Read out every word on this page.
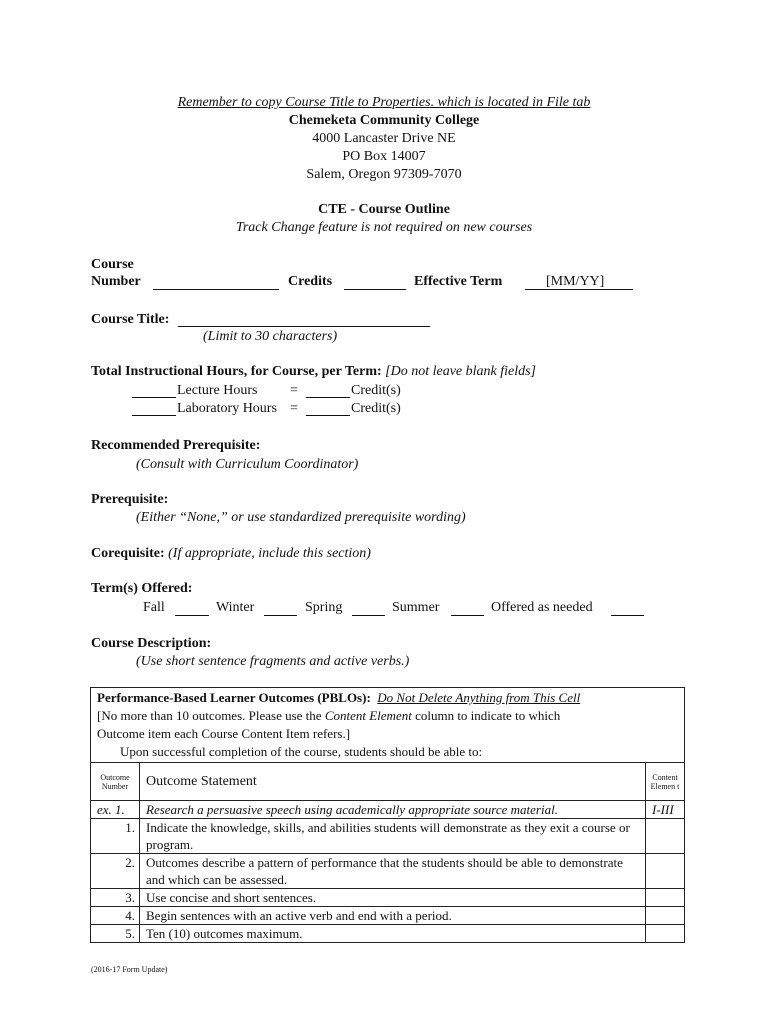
Remember to copy Course Title to Properties. which is located in File tab
Chemeketa Community College
4000 Lancaster Drive NE
PO Box 14007
Salem, Oregon 97309-7070
CTE - Course Outline
Track Change feature is not required on new courses
Course
Number	Credits	Effective Term	[MM/YY]
Course Title:
(Limit to 30 characters)
Total Instructional Hours, for Course, per Term: [Do not leave blank fields]
Lecture Hours =	Credit(s)
Laboratory Hours =	Credit(s)
Recommended Prerequisite:
(Consult with Curriculum Coordinator)
Prerequisite:
(Either “None,” or use standardized prerequisite wording)
Corequisite: (If appropriate, include this section)
Term(s) Offered:
Fall	Winter	Spring	Summer	Offered as needed
Course Description:
(Use short sentence fragments and active verbs.)
Performance-Based Learner Outcomes (PBLOs): Do Not Delete Anything from This Cell
[No more than 10 outcomes. Please use the Content Element column to indicate to which
Outcome item each Course Content Item refers.]
Upon successful completion of the course, students should be able to:		

Outcome Number	Outcome Statement	Content Elemen t
ex. 1.	Research a persuasive speech using academically appropriate source material.	I-III
1.	Indicate the knowledge, skills, and abilities students will demonstrate as they exit a course or program.	
2.	Outcomes describe a pattern of performance that the students should be able to demonstrate and which can be assessed.	
3.	Use concise and short sentences.	
4.	Begin sentences with an active verb and end with a period.	
5.	Ten (10) outcomes maximum.	
(2016-17 Form Update)
